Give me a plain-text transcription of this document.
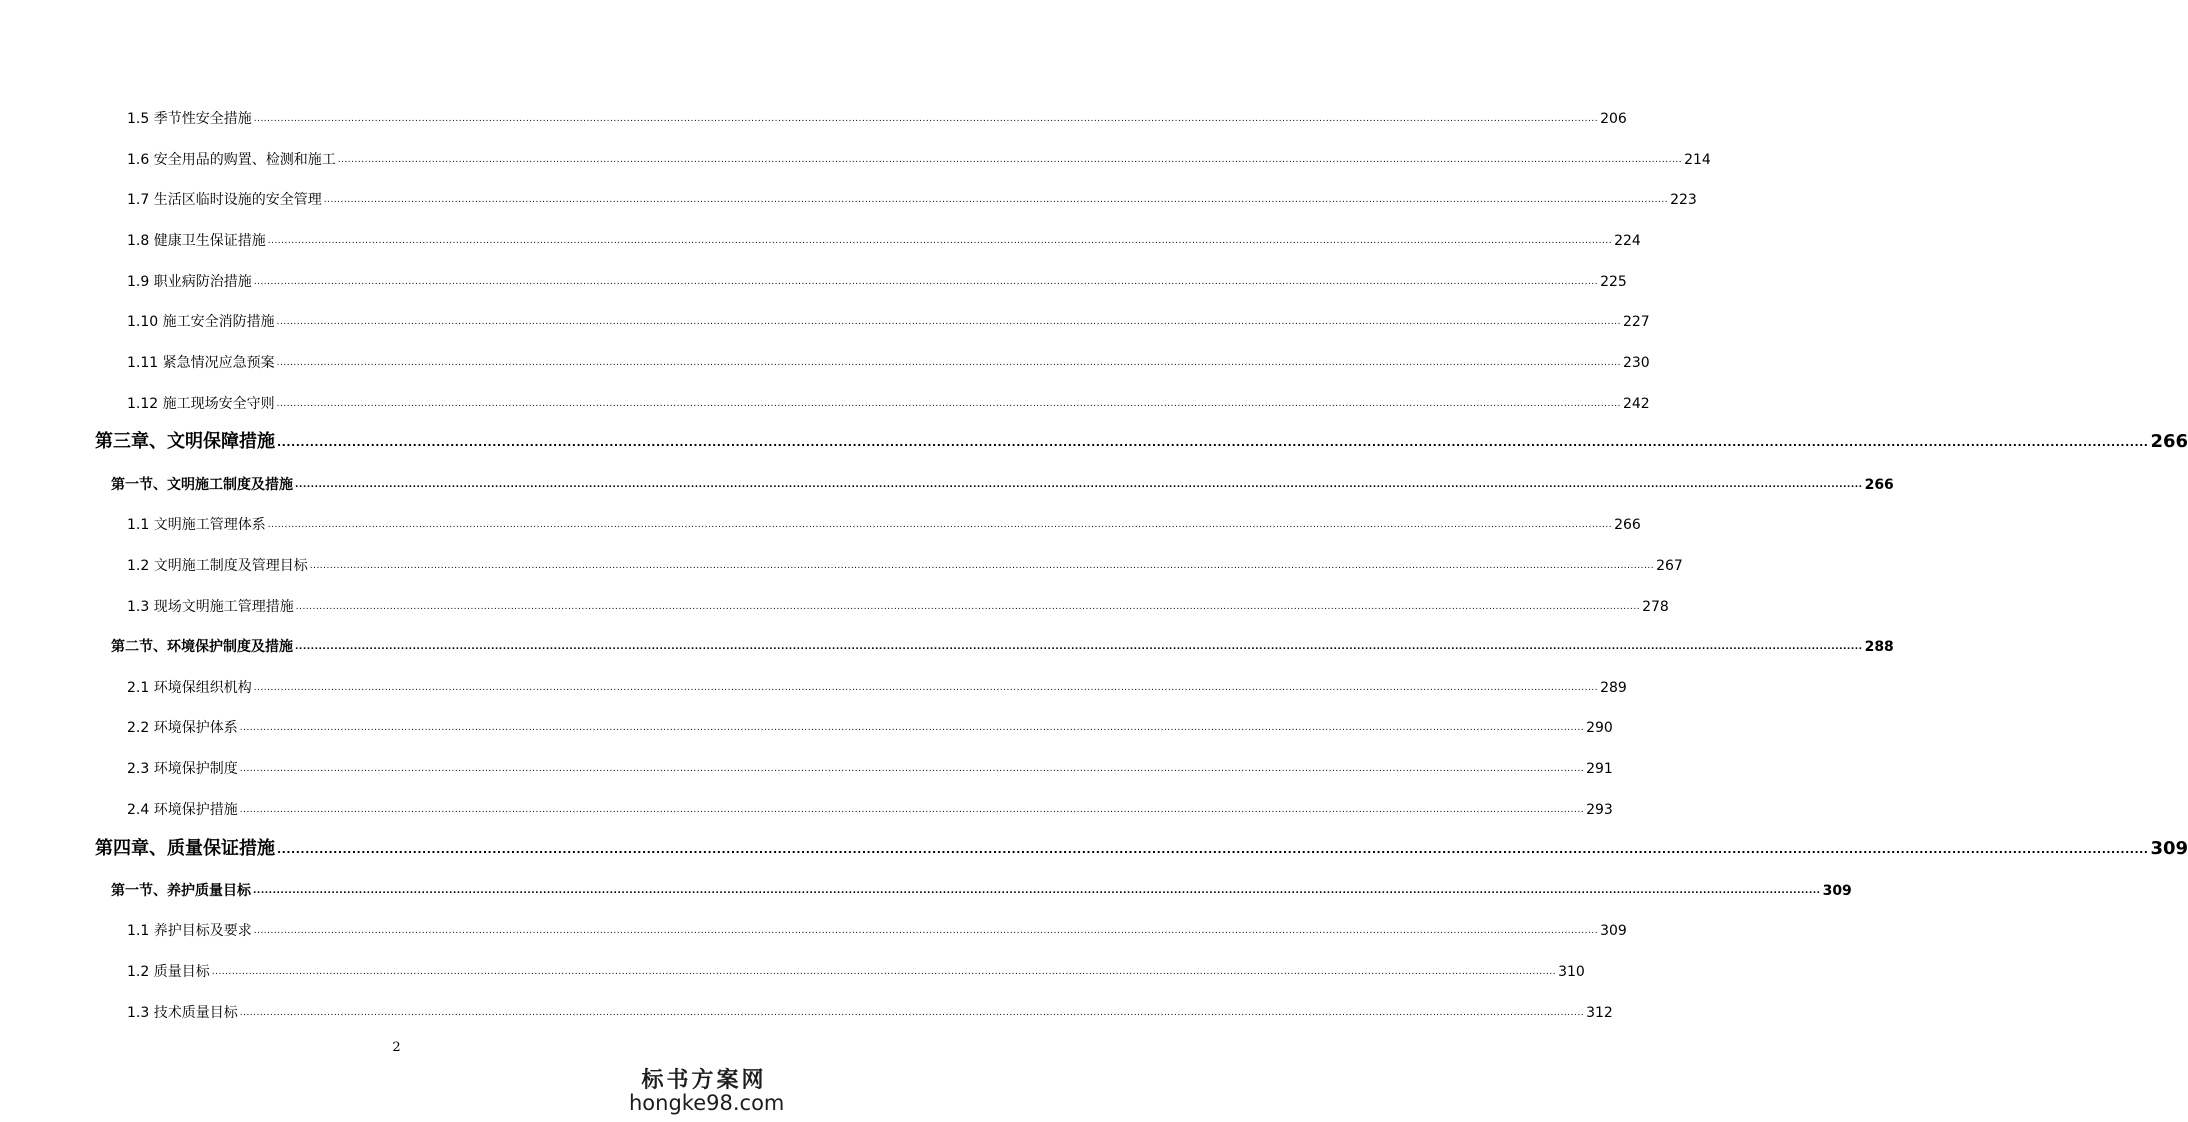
1.5 季节性安全措施 ................................................................................................................................................................................................................................................................................................................................................................................................................ 206
1.6 安全用品的购置、检测和施工 ................................................................................................................................................................................................................................................................................................................................................................................................................ 214
1.7 生活区临时设施的安全管理 ................................................................................................................................................................................................................................................................................................................................................................................................................ 223
1.8 健康卫生保证措施 ................................................................................................................................................................................................................................................................................................................................................................................................................ 224
1.9 职业病防治措施 ................................................................................................................................................................................................................................................................................................................................................................................................................ 225
1.10 施工安全消防措施 ................................................................................................................................................................................................................................................................................................................................................................................................................ 227
1.11 紧急情况应急预案 ................................................................................................................................................................................................................................................................................................................................................................................................................ 230
1.12 施工现场安全守则 ................................................................................................................................................................................................................................................................................................................................................................................................................ 242
第三章、文明保障措施 ................................................................................................................................................................................................................................................................................................................................................................................................................ 266
第一节、文明施工制度及措施 ................................................................................................................................................................................................................................................................................................................................................................................................................ 266
1.1 文明施工管理体系 ................................................................................................................................................................................................................................................................................................................................................................................................................ 266
1.2 文明施工制度及管理目标 ................................................................................................................................................................................................................................................................................................................................................................................................................ 267
1.3 现场文明施工管理措施 ................................................................................................................................................................................................................................................................................................................................................................................................................ 278
第二节、环境保护制度及措施 ................................................................................................................................................................................................................................................................................................................................................................................................................ 288
2.1 环境保组织机构 ................................................................................................................................................................................................................................................................................................................................................................................................................ 289
2.2 环境保护体系 ................................................................................................................................................................................................................................................................................................................................................................................................................ 290
2.3 环境保护制度 ................................................................................................................................................................................................................................................................................................................................................................................................................ 291
2.4 环境保护措施 ................................................................................................................................................................................................................................................................................................................................................................................................................ 293
第四章、质量保证措施 ................................................................................................................................................................................................................................................................................................................................................................................................................ 309
第一节、养护质量目标 ................................................................................................................................................................................................................................................................................................................................................................................................................ 309
1.1 养护目标及要求 ................................................................................................................................................................................................................................................................................................................................................................................................................ 309
1.2 质量目标 ................................................................................................................................................................................................................................................................................................................................................................................................................ 310
1.3 技术质量目标 ................................................................................................................................................................................................................................................................................................................................................................................................................ 312
2
标书方案网
hongke98.com
